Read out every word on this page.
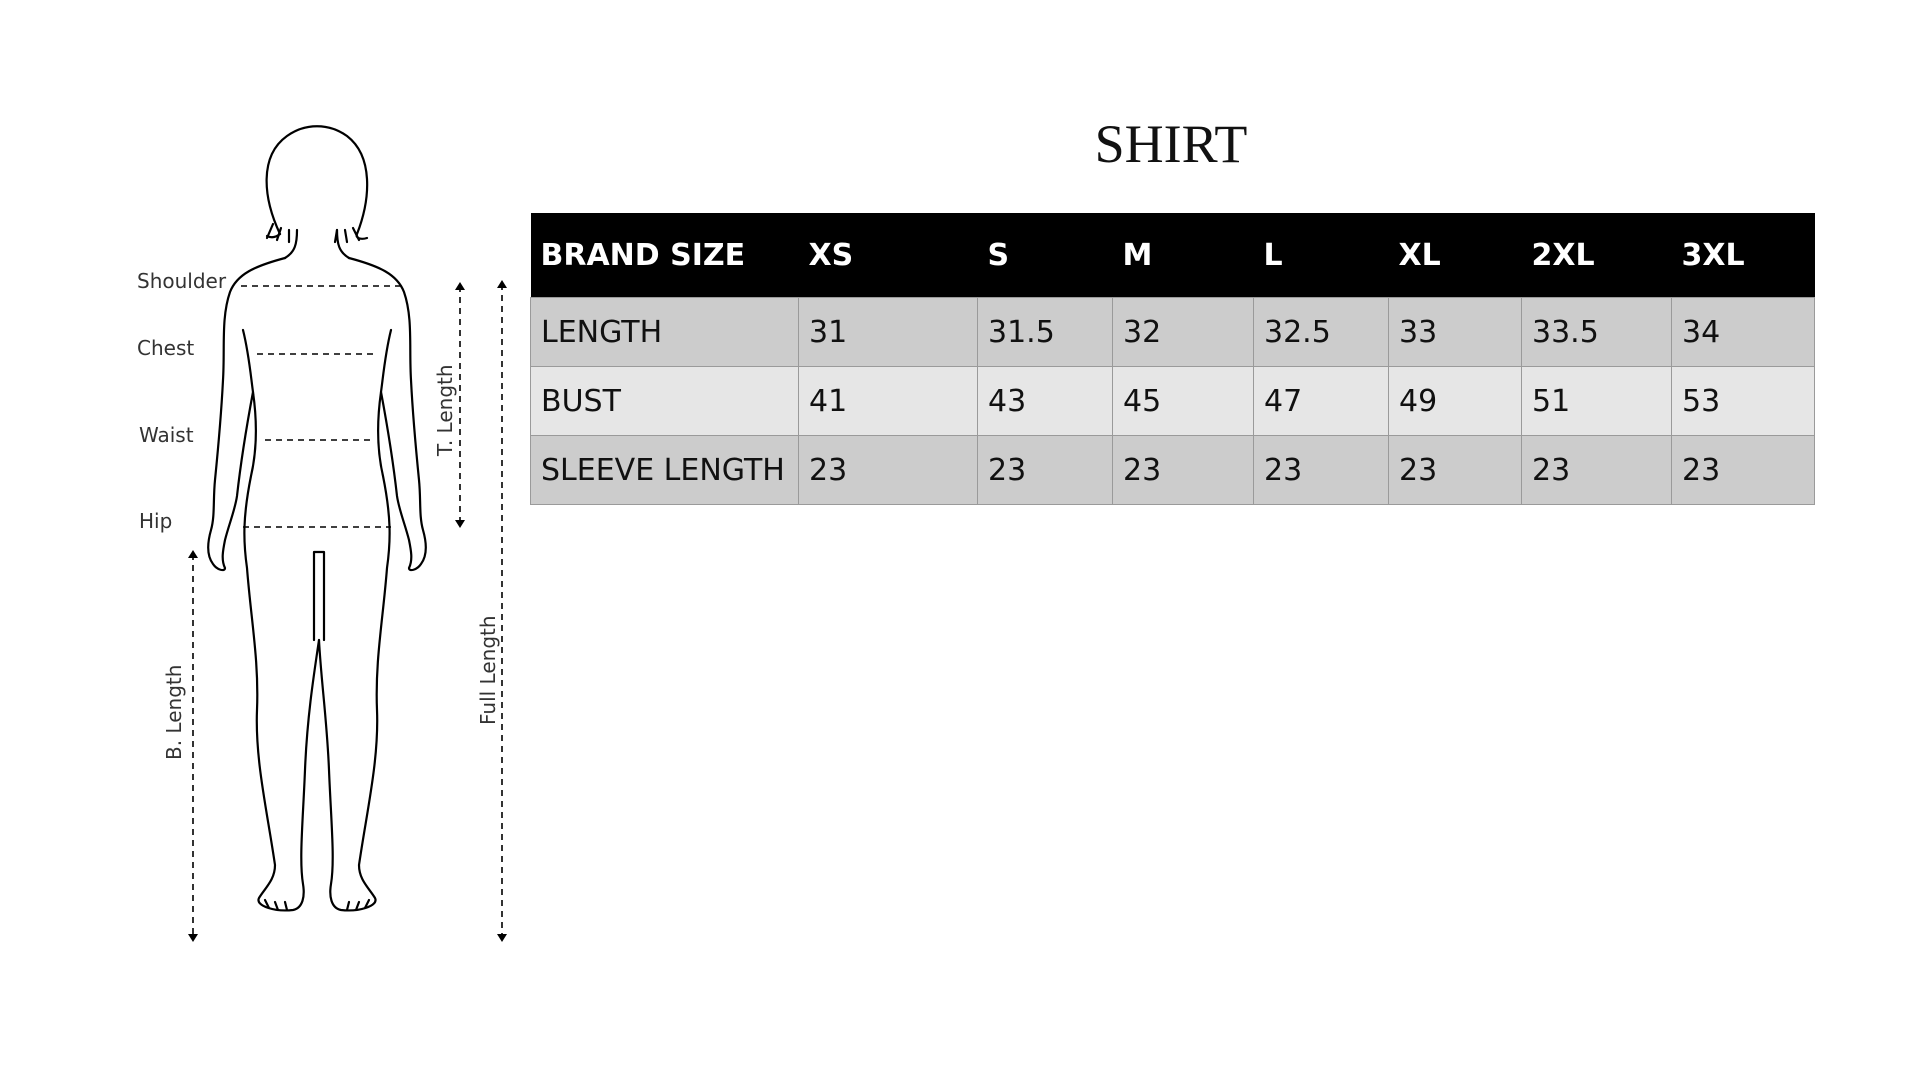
Shoulder
Chest
Waist
Hip
T. Length
Full Length
B. Length
SHIRT
BRAND SIZE	XS	S	M	L	XL	2XL	3XL
LENGTH	31	31.5	32	32.5	33	33.5	34
BUST	41	43	45	47	49	51	53
SLEEVE LENGTH	23	23	23	23	23	23	23
